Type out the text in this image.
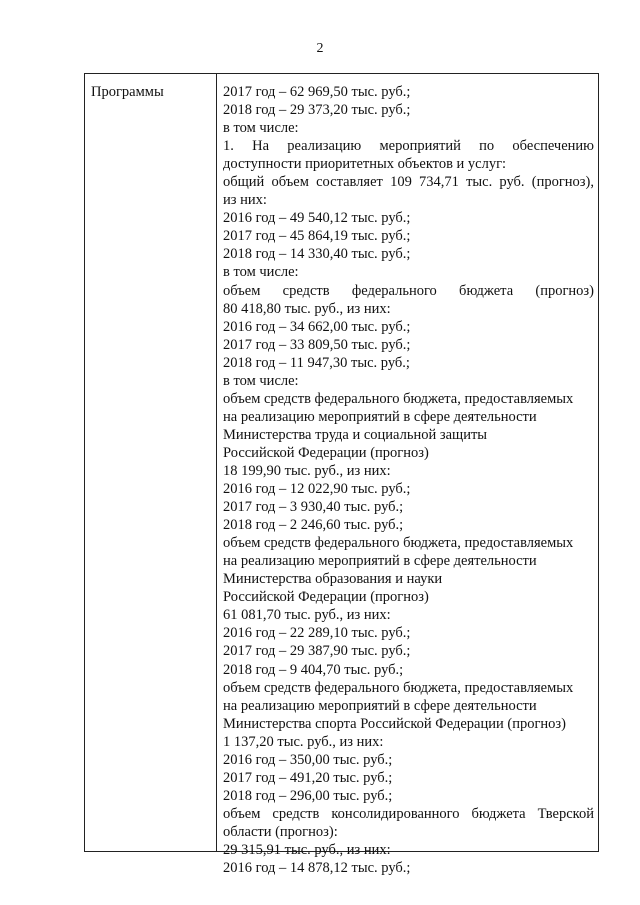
2
Программы	2017 год – 62 969,50 тыс. руб.;
2018 год – 29 373,20 тыс. руб.;
в том числе:
1. На реализацию мероприятий по обеспечению
доступности приоритетных объектов и услуг:
общий объем составляет 109 734,71 тыс. руб. (прогноз),
из них:
2016 год – 49 540,12 тыс. руб.;
2017 год – 45 864,19 тыс. руб.;
2018 год – 14 330,40 тыс. руб.;
в том числе:
объем средств федерального бюджета (прогноз)
80 418,80 тыс. руб., из них:
2016 год – 34 662,00 тыс. руб.;
2017 год – 33 809,50 тыс. руб.;
2018 год – 11 947,30 тыс. руб.;
в том числе:
объем средств федерального бюджета, предоставляемых
на реализацию мероприятий в сфере деятельности
Министерства труда и социальной защиты
Российской Федерации (прогноз)
18 199,90 тыс. руб., из них:
2016 год – 12 022,90 тыс. руб.;
2017 год – 3 930,40 тыс. руб.;
2018 год – 2 246,60 тыс. руб.;
объем средств федерального бюджета, предоставляемых
на реализацию мероприятий в сфере деятельности
Министерства образования и науки
Российской Федерации (прогноз)
61 081,70 тыс. руб., из них:
2016 год – 22 289,10 тыс. руб.;
2017 год – 29 387,90 тыс. руб.;
2018 год – 9 404,70 тыс. руб.;
объем средств федерального бюджета, предоставляемых
на реализацию мероприятий в сфере деятельности
Министерства спорта Российской Федерации (прогноз)
1 137,20 тыс. руб., из них:
2016 год – 350,00 тыс. руб.;
2017 год – 491,20 тыс. руб.;
2018 год – 296,00 тыс. руб.;
объем средств консолидированного бюджета Тверской
области (прогноз):
29 315,91 тыс. руб., из них:
2016 год – 14 878,12 тыс. руб.;
